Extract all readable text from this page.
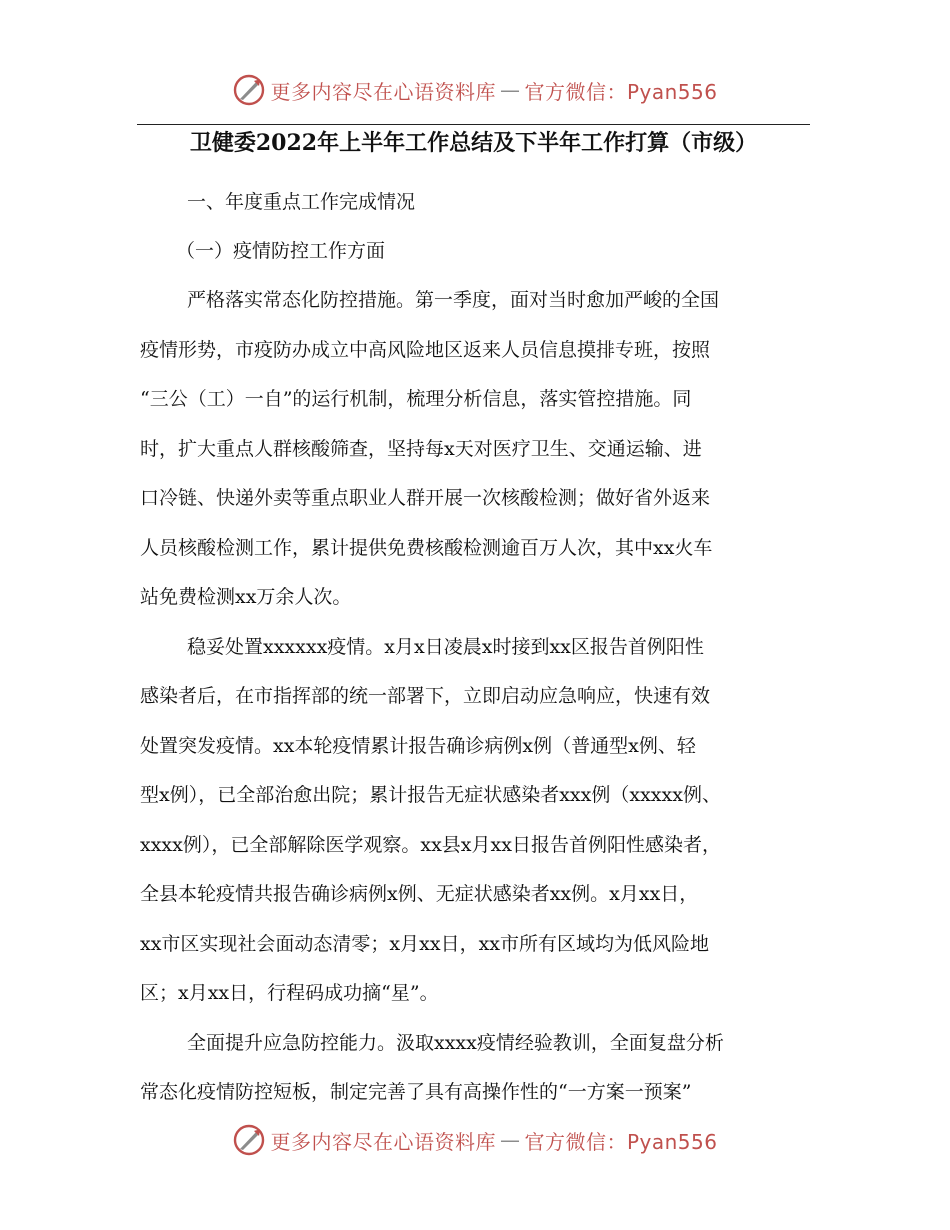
更多内容尽在心语资料库 — 官方微信：Pyan556
卫健委2022年上半年工作总结及下半年工作打算（市级）
一、年度重点工作完成情况
（一）疫情防控工作方面

严格落实常态化防控措施。第一季度，面对当时愈加严峻的全国
疫情形势，市疫防办成立中高风险地区返来人员信息摸排专班，按照
“三公（工）一自”的运行机制，梳理分析信息，落实管控措施。同
时，扩大重点人群核酸筛查，坚持每x天对医疗卫生、交通运输、进
口冷链、快递外卖等重点职业人群开展一次核酸检测；做好省外返来
人员核酸检测工作，累计提供免费核酸检测逾百万人次，其中xx火车
站免费检测xx万余人次。

稳妥处置xxxxxx疫情。x月x日凌晨x时接到xx区报告首例阳性
感染者后，在市指挥部的统一部署下，立即启动应急响应，快速有效
处置突发疫情。xx本轮疫情累计报告确诊病例x例（普通型x例、轻
型x例），已全部治愈出院；累计报告无症状感染者xxx例（xxxxx例、
xxxx例），已全部解除医学观察。xx县x月xx日报告首例阳性感染者，
全县本轮疫情共报告确诊病例x例、无症状感染者xx例。x月xx日，
xx市区实现社会面动态清零；x月xx日，xx市所有区域均为低风险地
区；x月xx日，行程码成功摘“星”。

全面提升应急防控能力。汲取xxxx疫情经验教训，全面复盘分析
常态化疫情防控短板，制定完善了具有高操作性的“一方案一预案”

更多内容尽在心语资料库 — 官方微信：Pyan556
